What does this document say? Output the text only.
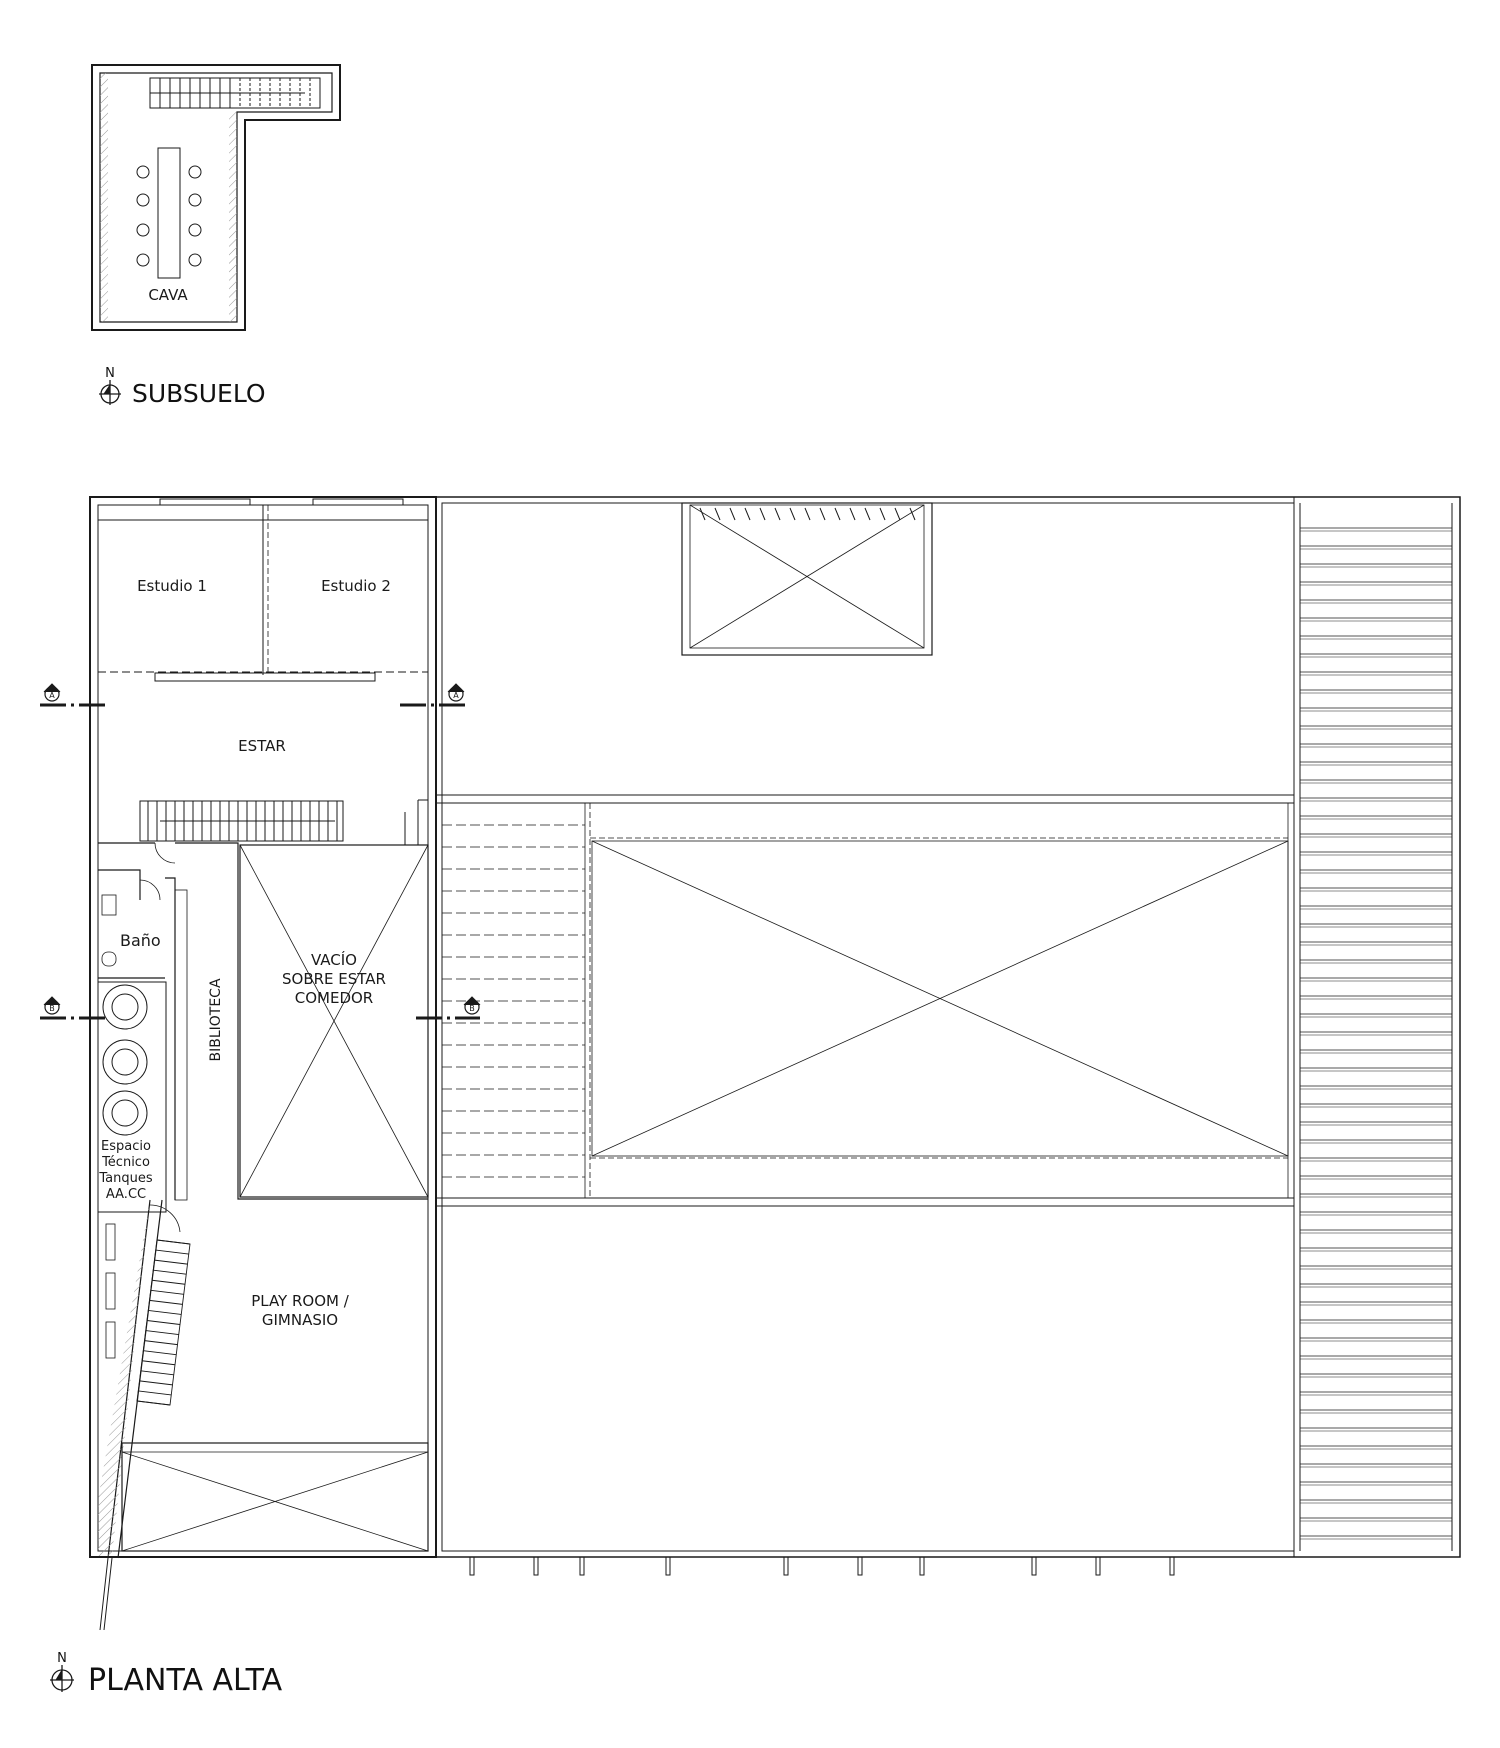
CAVA
N
SUBSUELO
A	A
B	B
Estudio 1	Estudio 2
ESTAR
Baño
BIBLIOTECA
VACÍO
SOBRE ESTAR
COMEDOR
Espacio
Técnico
Tanques
AA.CC
PLAY ROOM /
GIMNASIO
N
PLANTA ALTA
